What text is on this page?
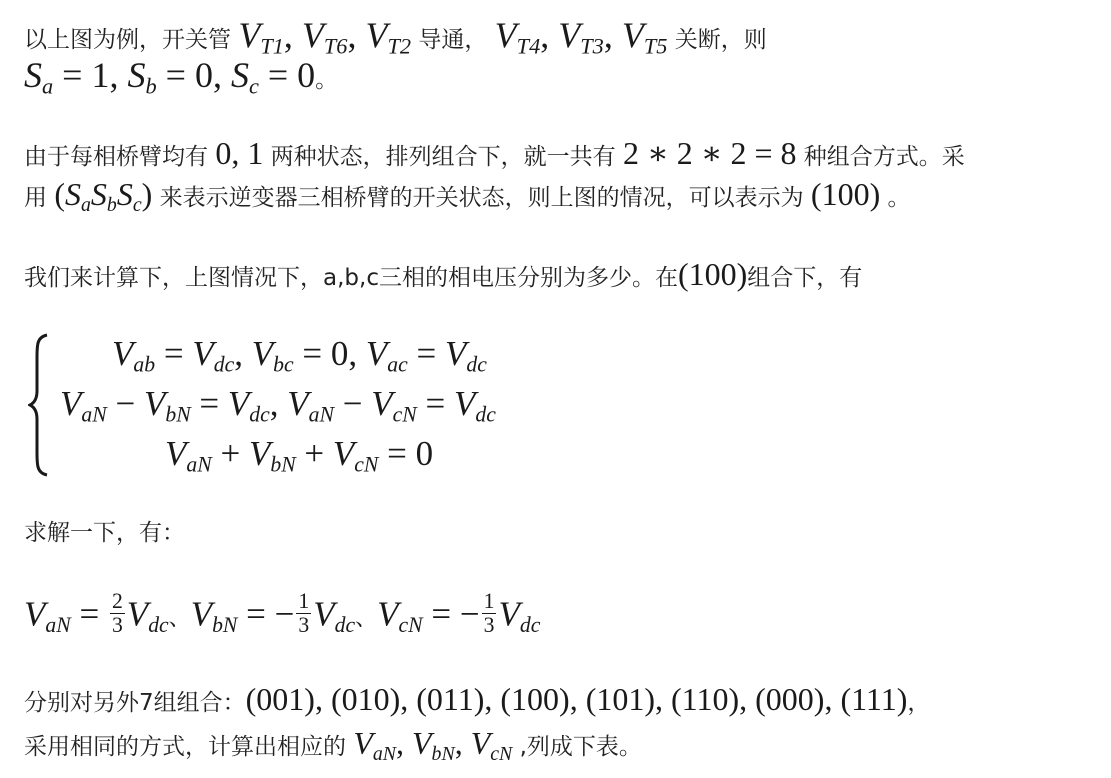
以上图为例，开关管 $V_{T1}$, $V_{T6}$, $V_{T2}$ 导通， $V_{T4}$, $V_{T3}$, $V_{T5}$ 关断，则
$S_a = 1$, $S_b = 0$, $S_c = 0$。
由于每相桥臂均有 0, 1 两种状态，排列组合下，就一共有 2 ∗ 2 ∗ 2 = 8 种组合方式。采
用 $(S_aS_bS_c)$ 来表示逆变器三相桥臂的开关状态，则上图的情况，可以表示为 (100) 。
我们来计算下，上图情况下，a,b,c三相的相电压分别为多少。在(100)组合下，有
$V_{ab} = V_{dc}$, $V_{bc} = 0$, $V_{ac} = V_{dc}$
$V_{aN} - V_{bN} = V_{dc}$, $V_{aN} - V_{cN} = V_{dc}$
$V_{aN} + V_{bN} + V_{cN} = 0$
求解一下，有：
$V_{aN} = \frac{2}{3} V_{dc}$、$V_{bN}$ = − $\frac{1}{3} V_{dc}$、$V_{cN}$ = − $\frac{1}{3} V_{dc}$
分别对另外7组组合：(001), (010), (011), (100), (101), (110), (000), (111)，
采用相同的方式，计算出相应的 $V_{aN}$, $V_{bN}$, $V_{cN}$ ,列成下表。
